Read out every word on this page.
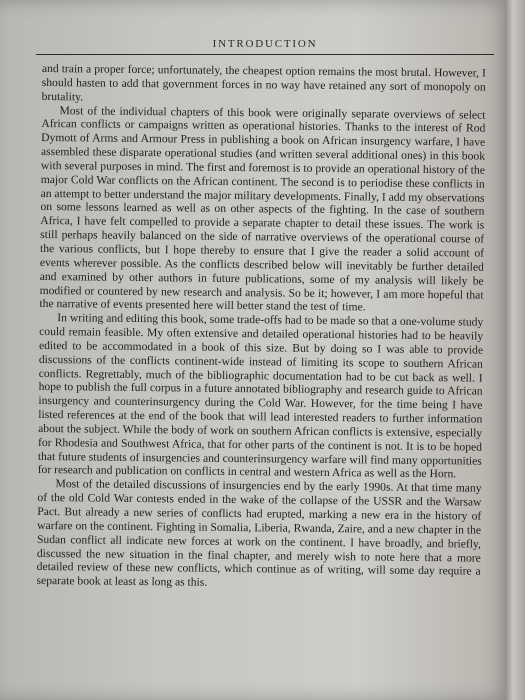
INTRODUCTION

and train a proper force; unfortunately, the cheapest option remains the most brutal. However, I should hasten to add that government forces in no way have retained any sort of monopoly on brutality.

Most of the individual chapters of this book were originally separate overviews of select African conflicts or campaigns written as operational histories. Thanks to the interest of Rod Dymott of Arms and Armour Press in publishing a book on African insurgency warfare, I have assembled these disparate operational studies (and written several additional ones) in this book with several purposes in mind. The first and foremost is to provide an operational history of the major Cold War conflicts on the African continent. The second is to periodise these conflicts in an attempt to better understand the major military developments. Finally, I add my observations on some lessons learned as well as on other aspects of the fighting. In the case of southern Africa, I have felt compelled to provide a separate chapter to detail these issues. The work is still perhaps heavily balanced on the side of narrative overviews of the operational course of the various conflicts, but I hope thereby to ensure that I give the reader a solid account of events wherever possible. As the conflicts described below will inevitably be further detailed and examined by other authors in future publications, some of my analysis will likely be modified or countered by new research and analysis. So be it; however, I am more hopeful that the narrative of events presented here will better stand the test of time.

In writing and editing this book, some trade-offs had to be made so that a one-volume study could remain feasible. My often extensive and detailed operational histories had to be heavily edited to be accommodated in a book of this size. But by doing so I was able to provide discussions of the conflicts continent-wide instead of limiting its scope to southern African conflicts. Regrettably, much of the bibliographic documentation had to be cut back as well. I hope to publish the full corpus in a future annotated bibliography and research guide to African insurgency and counterinsurgency during the Cold War. However, for the time being I have listed references at the end of the book that will lead interested readers to further information about the subject. While the body of work on southern African conflicts is extensive, especially for Rhodesia and Southwest Africa, that for other parts of the continent is not. It is to be hoped that future students of insurgencies and counterinsurgency warfare will find many opportunities for research and publication on conflicts in central and western Africa as well as the Horn.

Most of the detailed discussions of insurgencies end by the early 1990s. At that time many of the old Cold War contests ended in the wake of the collapse of the USSR and the Warsaw Pact. But already a new series of conflicts had erupted, marking a new era in the history of warfare on the continent. Fighting in Somalia, Liberia, Rwanda, Zaire, and a new chapter in the Sudan conflict all indicate new forces at work on the continent. I have broadly, and briefly, discussed the new situation in the final chapter, and merely wish to note here that a more detailed review of these new conflicts, which continue as of writing, will some day require a separate book at least as long as this.
